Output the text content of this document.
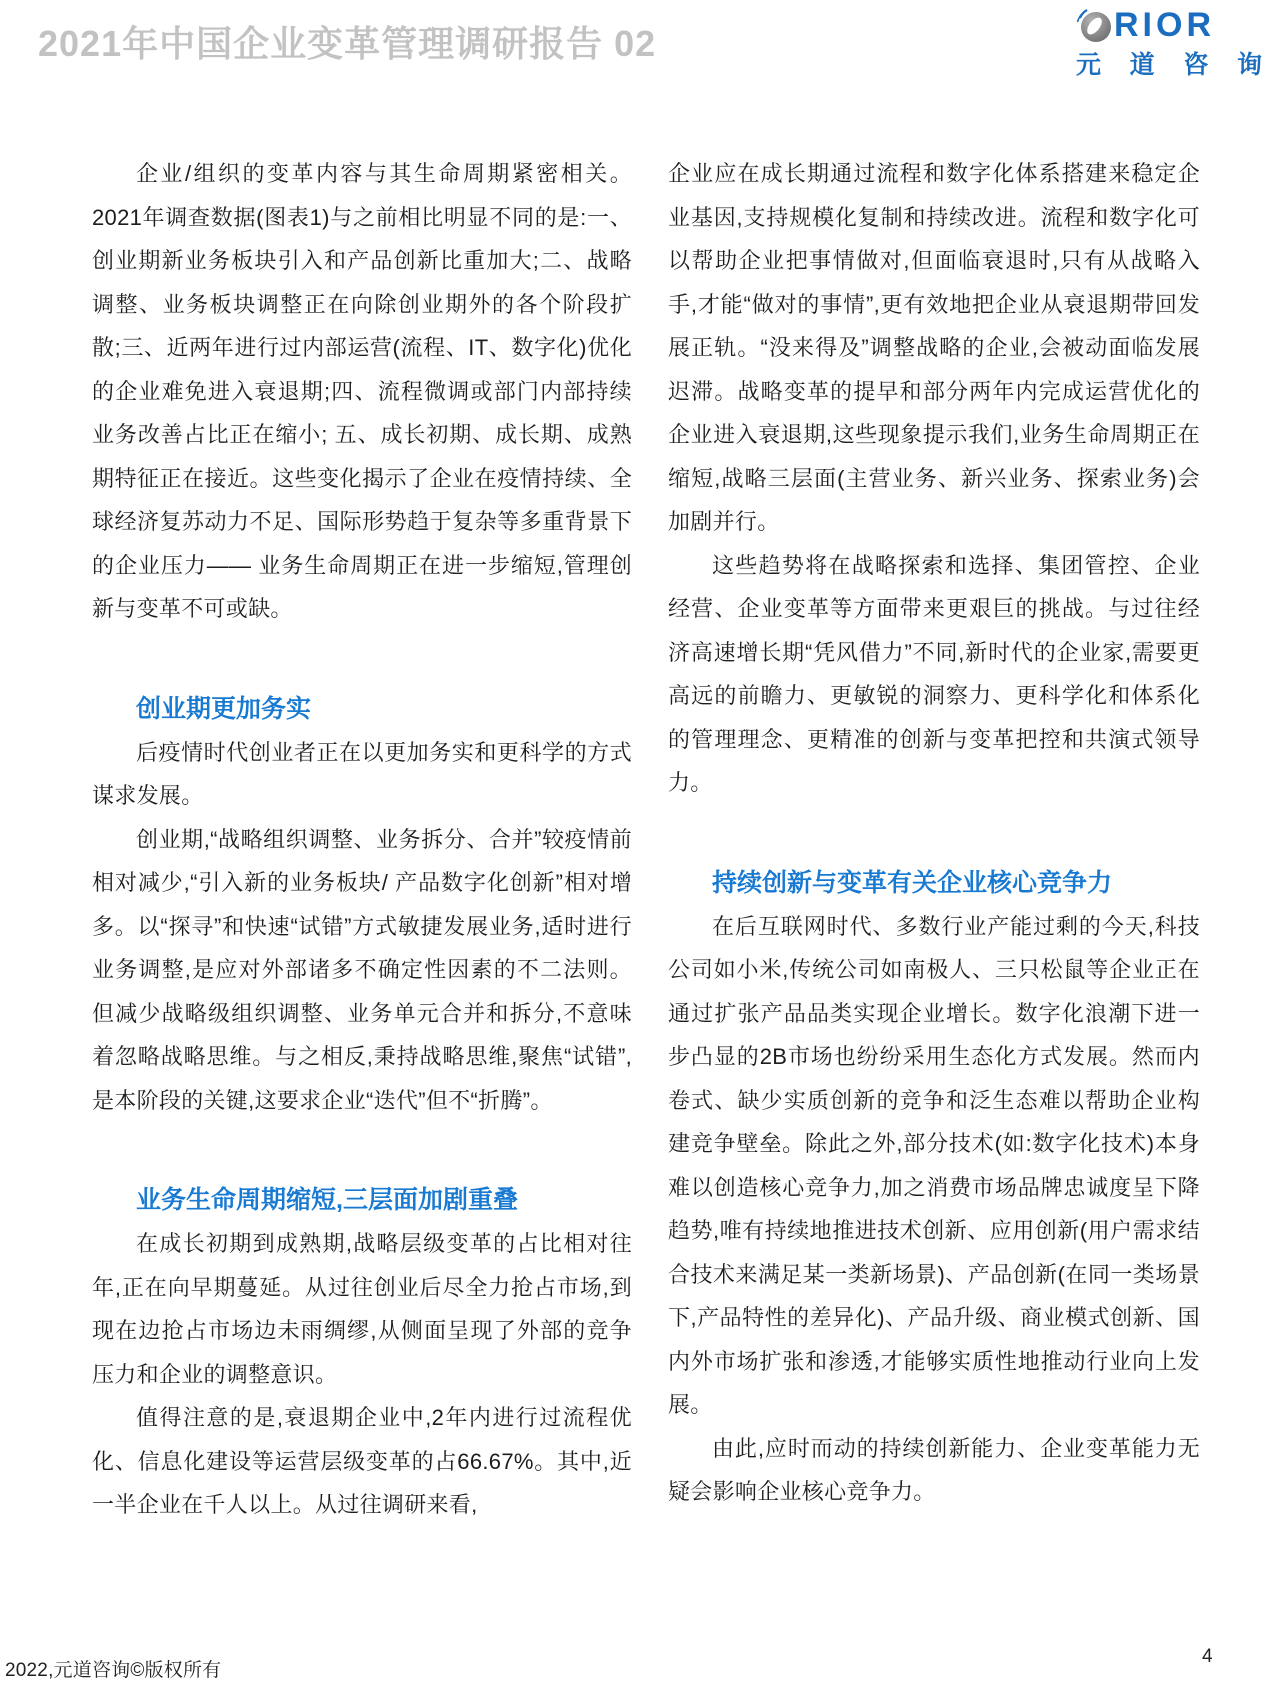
2021年中国企业变革管理调研报告 02	RIOR
元 道 咨 询

企业/组织的变革内容与其生命周期紧密相关。2021年调查数据(图表1)与之前相比明显不同的是:一、创业期新业务板块引入和产品创新比重加大;二、战略调整、业务板块调整正在向除创业期外的各个阶段扩散;三、近两年进行过内部运营(流程、IT、数字化)优化的企业难免进入衰退期;四、流程微调或部门内部持续业务改善占比正在缩小; 五、成长初期、成长期、成熟期特征正在接近。这些变化揭示了企业在疫情持续、全球经济复苏动力不足、国际形势趋于复杂等多重背景下的企业压力—— 业务生命周期正在进一步缩短,管理创新与变革不可或缺。

创业期更加务实

后疫情时代创业者正在以更加务实和更科学的方式谋求发展。

创业期,“战略组织调整、业务拆分、合并”较疫情前相对减少,“引入新的业务板块/ 产品数字化创新”相对增多。以“探寻”和快速“试错”方式敏捷发展业务,适时进行业务调整,是应对外部诸多不确定性因素的不二法则。但减少战略级组织调整、业务单元合并和拆分,不意味着忽略战略思维。与之相反,秉持战略思维,聚焦“试错”,是本阶段的关键,这要求企业“迭代”但不“折腾”。

业务生命周期缩短,三层面加剧重叠

在成长初期到成熟期,战略层级变革的占比相对往年,正在向早期蔓延。从过往创业后尽全力抢占市场,到现在边抢占市场边未雨绸缪,从侧面呈现了外部的竞争压力和企业的调整意识。

值得注意的是,衰退期企业中,2年内进行过流程优化、信息化建设等运营层级变革的占66.67%。其中,近一半企业在千人以上。从过往调研来看,

企业应在成长期通过流程和数字化体系搭建来稳定企业基因,支持规模化复制和持续改进。流程和数字化可以帮助企业把事情做对,但面临衰退时,只有从战略入手,才能“做对的事情”,更有效地把企业从衰退期带回发展正轨。“没来得及”调整战略的企业,会被动面临发展迟滞。战略变革的提早和部分两年内完成运营优化的企业进入衰退期,这些现象提示我们,业务生命周期正在缩短,战略三层面(主营业务、新兴业务、探索业务)会加剧并行。

这些趋势将在战略探索和选择、集团管控、企业经营、企业变革等方面带来更艰巨的挑战。与过往经济高速增长期“凭风借力”不同,新时代的企业家,需要更高远的前瞻力、更敏锐的洞察力、更科学化和体系化的管理理念、更精准的创新与变革把控和共演式领导力。

持续创新与变革有关企业核心竞争力

在后互联网时代、多数行业产能过剩的今天,科技公司如小米,传统公司如南极人、三只松鼠等企业正在通过扩张产品品类实现企业增长。数字化浪潮下进一步凸显的2B市场也纷纷采用生态化方式发展。然而内卷式、缺少实质创新的竞争和泛生态难以帮助企业构建竞争壁垒。除此之外,部分技术(如:数字化技术)本身难以创造核心竞争力,加之消费市场品牌忠诚度呈下降趋势,唯有持续地推进技术创新、应用创新(用户需求结合技术来满足某一类新场景)、产品创新(在同一类场景下,产品特性的差异化)、产品升级、商业模式创新、国内外市场扩张和渗透,才能够实质性地推动行业向上发展。

由此,应时而动的持续创新能力、企业变革能力无疑会影响企业核心竞争力。

2022,元道咨询©版权所有
4
